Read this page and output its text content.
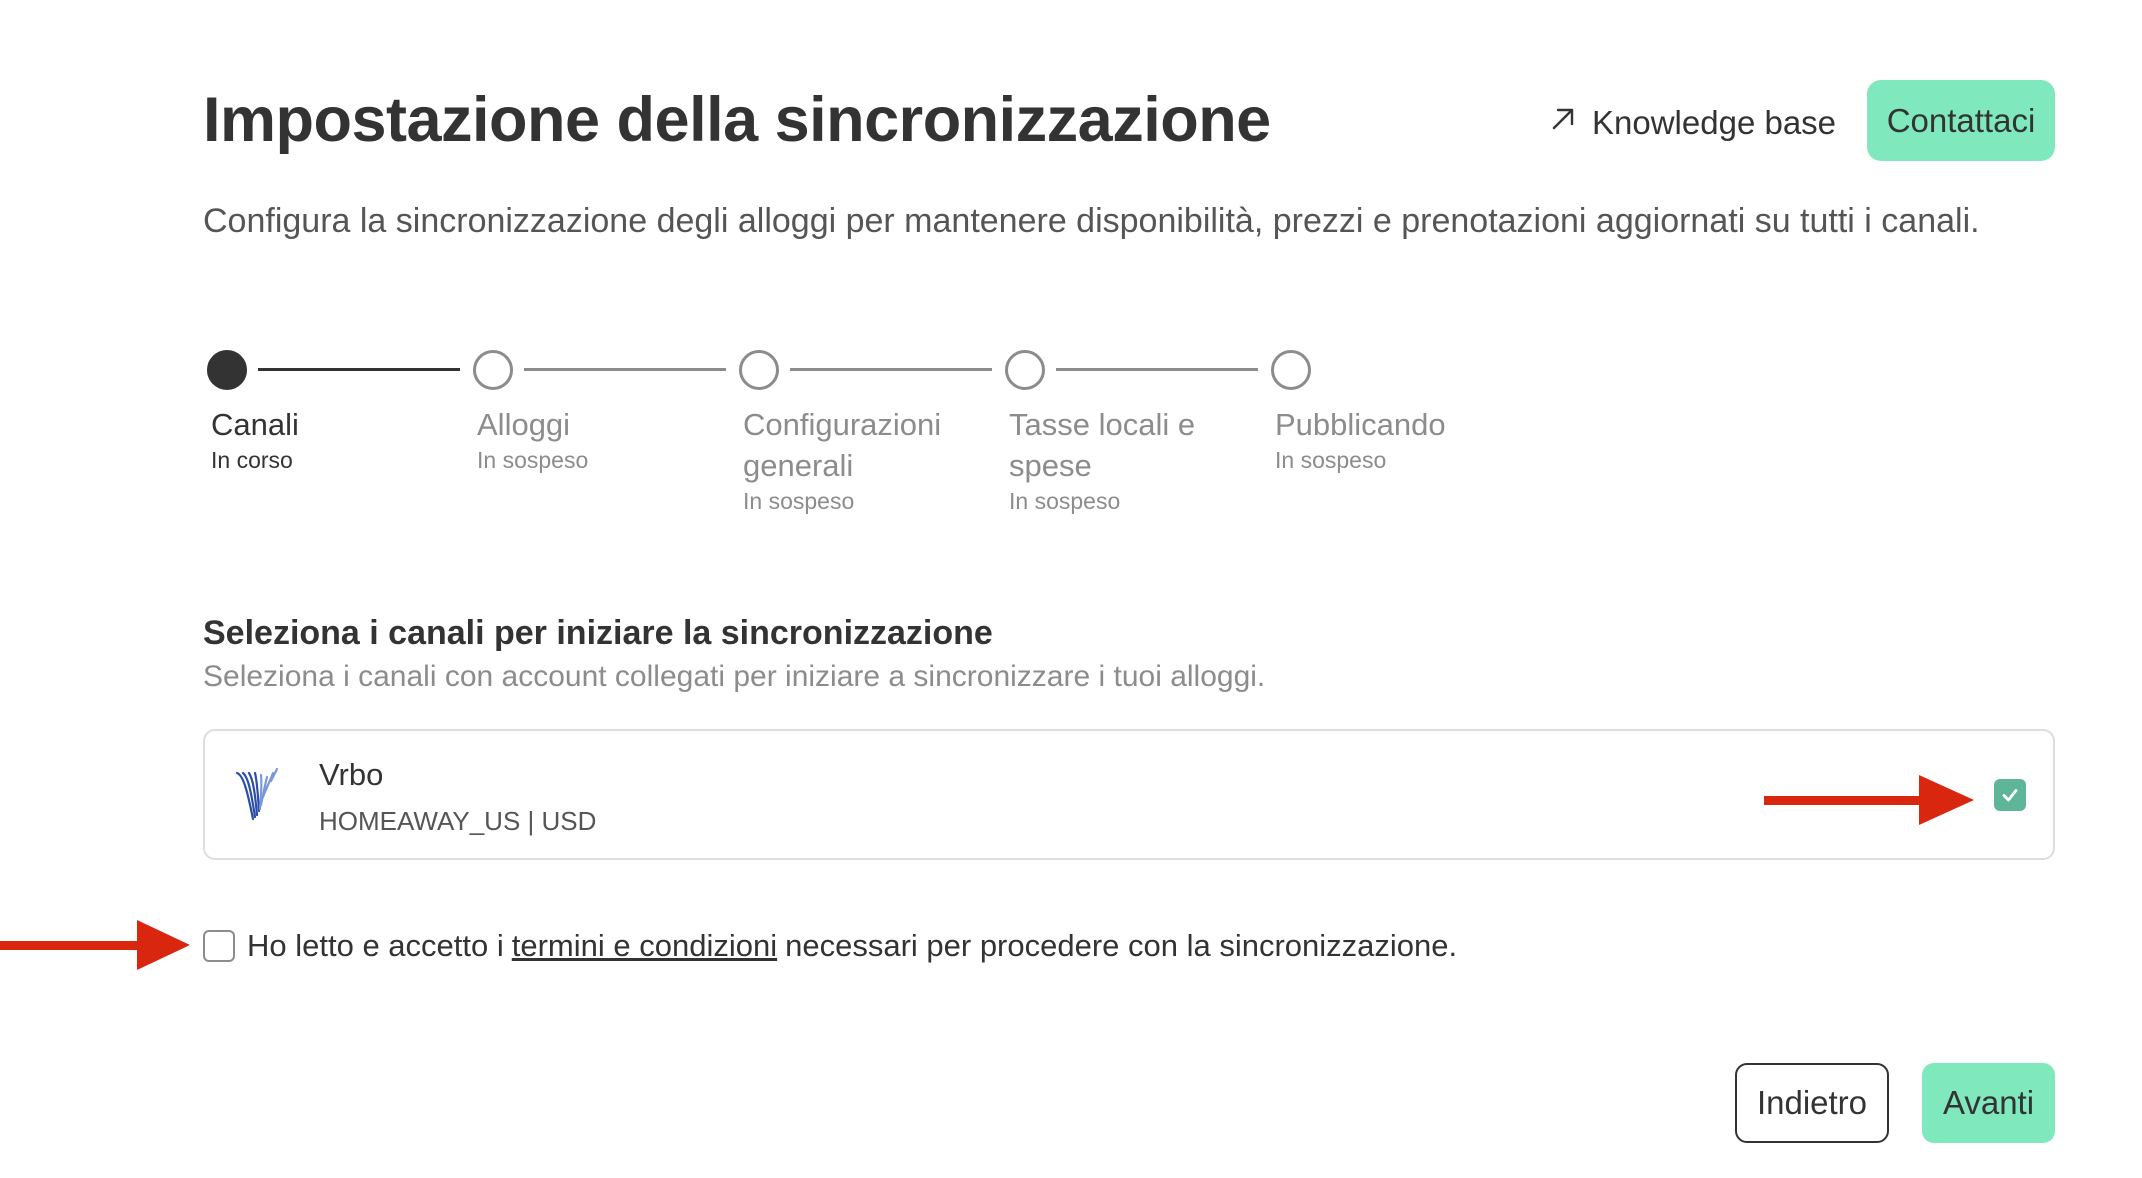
Impostazione della sincronizzazione	Knowledge base	Contattaci

Configura la sincronizzazione degli alloggi per mantenere disponibilità, prezzi e prenotazioni aggiornati su tutti i canali.

Canali
In corso
Alloggi
In sospeso
Configurazioni generali
In sospeso
Tasse locali e spese
In sospeso
Pubblicando
In sospeso
Seleziona i canali per iniziare la sincronizzazione

Seleziona i canali con account collegati per iniziare a sincronizzare i tuoi alloggi.

Vrbo
HOMEAWAY_US | USD
Ho letto e accetto i termini e condizioni necessari per procedere con la sincronizzazione.
Indietro	Avanti
